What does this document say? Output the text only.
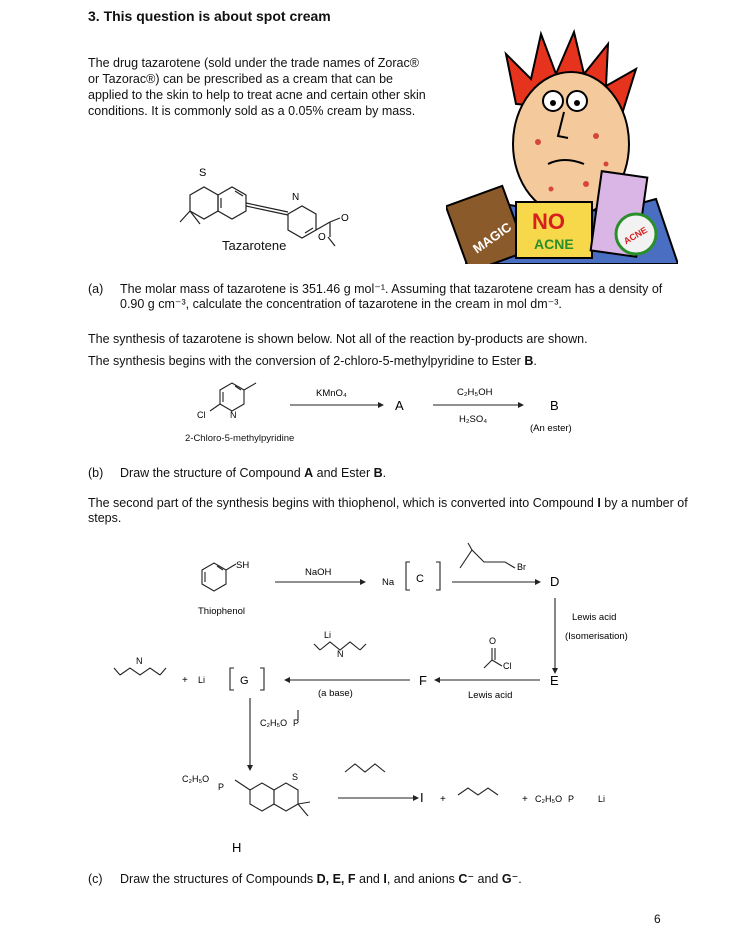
3. This question is about spot cream
The drug tazarotene (sold under the trade names of Zorac® or Tazorac®) can be prescribed as a cream that can be applied to the skin to help to treat acne and certain other skin conditions. It is commonly sold as a 0.05% cream by mass.
S
N
O
O
Tazarotene	MAGIC NO
ACNE	ACNE
(a) The molar mass of tazarotene is 351.46 g mol⁻¹. Assuming that tazarotene cream has a density of 0.90 g cm⁻³, calculate the concentration of tazarotene in the cream in mol dm⁻³.
The synthesis of tazarotene is shown below. Not all of the reaction by-products are shown.
The synthesis begins with the conversion of 2-chloro-5-methylpyridine to Ester B.
Cl	N
KMnO₄
A
C₂H₅OH
H₂SO₄
B
(An ester)
2-Chloro-5-methylpyridine
(b) Draw the structure of Compound A and Ester B.
The second part of the synthesis begins with thiophenol, which is converted into Compound I by a number of steps.
SH
Thiophenol
NaOH
Na C
Br
D
Lewis acid
(Isomerisation)
E
F
Cl
O
Lewis acid
Li
N
(a base)
G
+
N
Li
C₂H₅O P
C₂H₅O
P
S
H
I +	+ C₂H₅O P	Li
(c) Draw the structures of Compounds D, E, F and I, and anions C⁻ and G⁻.
6
